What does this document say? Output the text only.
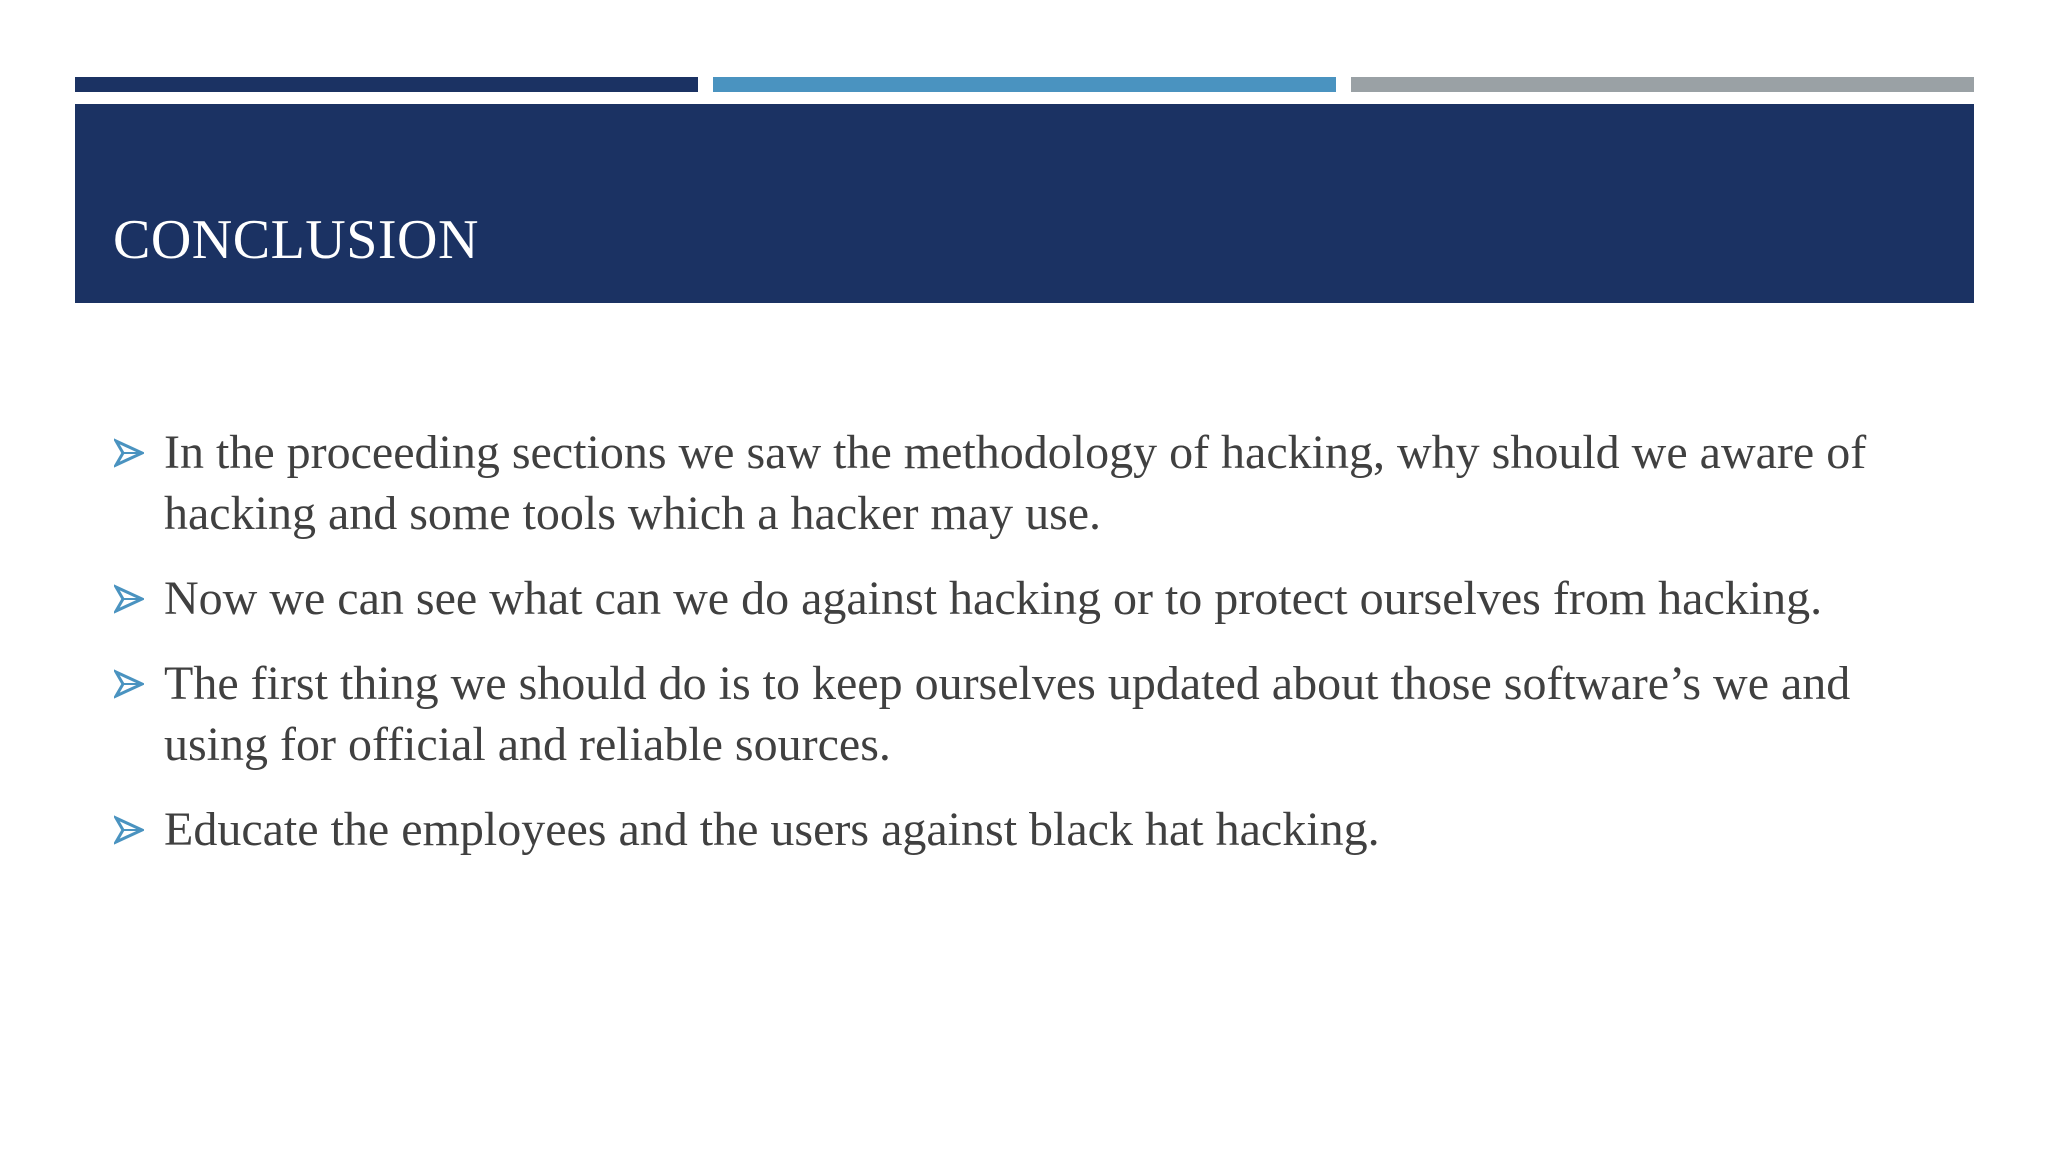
CONCLUSION
In the proceeding sections we saw the methodology of hacking, why should we aware of hacking and some tools which a hacker may use.
Now we can see what can we do against hacking or to protect ourselves from hacking.
The first thing we should do is to keep ourselves updated about those software’s we and using for official and reliable sources.
Educate the employees and the users against black hat hacking.
